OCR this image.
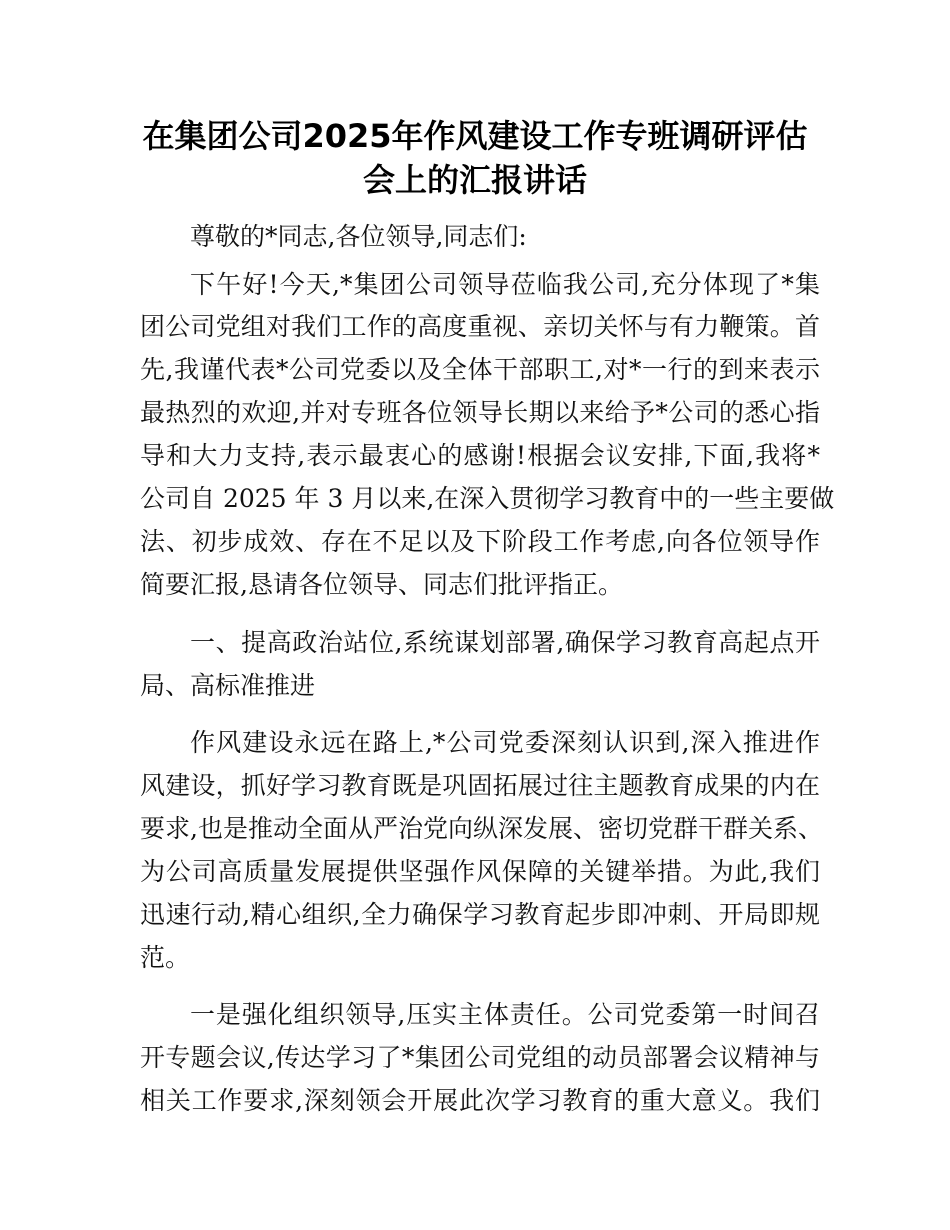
在集团公司2025年作风建设工作专班调研评估
会上的汇报讲话
尊敬的*同志,各位领导,同志们:
下午好!今天,*集团公司领导莅临我公司,充分体现了*集
团公司党组对我们工作的高度重视、亲切关怀与有力鞭策。首
先,我谨代表*公司党委以及全体干部职工,对*一行的到来表示
最热烈的欢迎,并对专班各位领导长期以来给予*公司的悉心指
导和大力支持,表示最衷心的感谢!根据会议安排,下面,我将*
公司自 2025 年 3 月以来,在深入贯彻学习教育中的一些主要做
法、初步成效、存在不足以及下阶段工作考虑,向各位领导作
简要汇报,恳请各位领导、同志们批评指正。
一、提高政治站位,系统谋划部署,确保学习教育高起点开
局、高标准推进
作风建设永远在路上,*公司党委深刻认识到,深入推进作
风建设，抓好学习教育既是巩固拓展过往主题教育成果的内在
要求,也是推动全面从严治党向纵深发展、密切党群干群关系、
为公司高质量发展提供坚强作风保障的关键举措。为此,我们
迅速行动,精心组织,全力确保学习教育起步即冲刺、开局即规
范。
一是强化组织领导,压实主体责任。公司党委第一时间召
开专题会议,传达学习了*集团公司党组的动员部署会议精神与
相关工作要求,深刻领会开展此次学习教育的重大意义。我们
